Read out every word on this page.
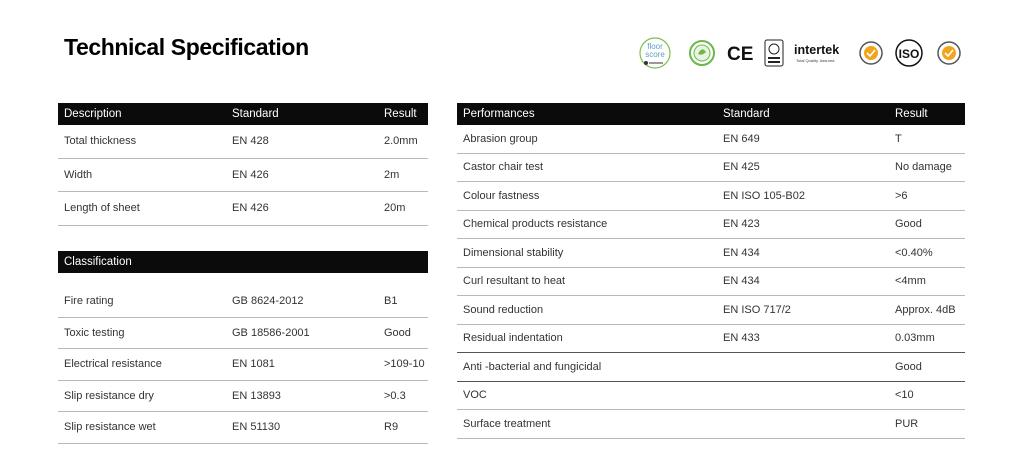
Technical Specification	floor
score	CE	intertek
Total Quality. Assured.	ISO
Description	Standard	Result
Total thickness	EN 428	2.0mm
Width	EN 426	2m
Length of sheet	EN 426	20m
Classification		

Fire rating	GB 8624-2012	B1
Toxic testing	GB 18586-2001	Good
Electrical resistance	EN 1081	>109-10
Slip resistance dry	EN 13893	>0.3
Slip resistance wet	EN 51130	R9
Performances	Standard	Result
Abrasion group	EN 649	T
Castor chair test	EN 425	No damage
Colour fastness	EN ISO 105-B02	>6
Chemical products resistance	EN 423	Good
Dimensional stability	EN 434	<0.40%
Curl resultant to heat	EN 434	<4mm
Sound reduction	EN ISO 717/2	Approx. 4dB
Residual indentation	EN 433	0.03mm
Anti -bacterial and fungicidal		Good
VOC		<10
Surface treatment		PUR
